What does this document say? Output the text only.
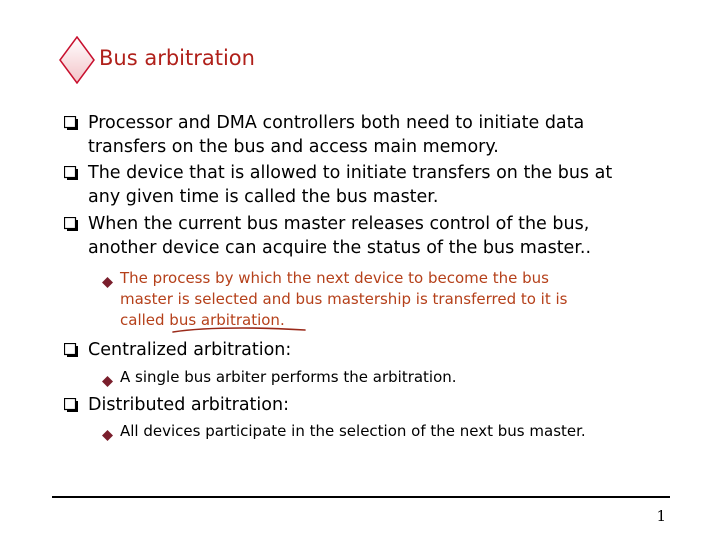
Bus arbitration
Processor and DMA controllers both need to initiate data
transfers on the bus and access main memory.
The device that is allowed to initiate transfers on the bus at
any given time is called the bus master.
When the current bus master releases control of the bus,
another device can acquire the status of the bus master..
The process by which the next device to become the bus
master is selected and bus mastership is transferred to it is
called bus arbitration.
Centralized arbitration:
A single bus arbiter performs the arbitration.
Distributed arbitration:
All devices participate in the selection of the next bus master.
1
